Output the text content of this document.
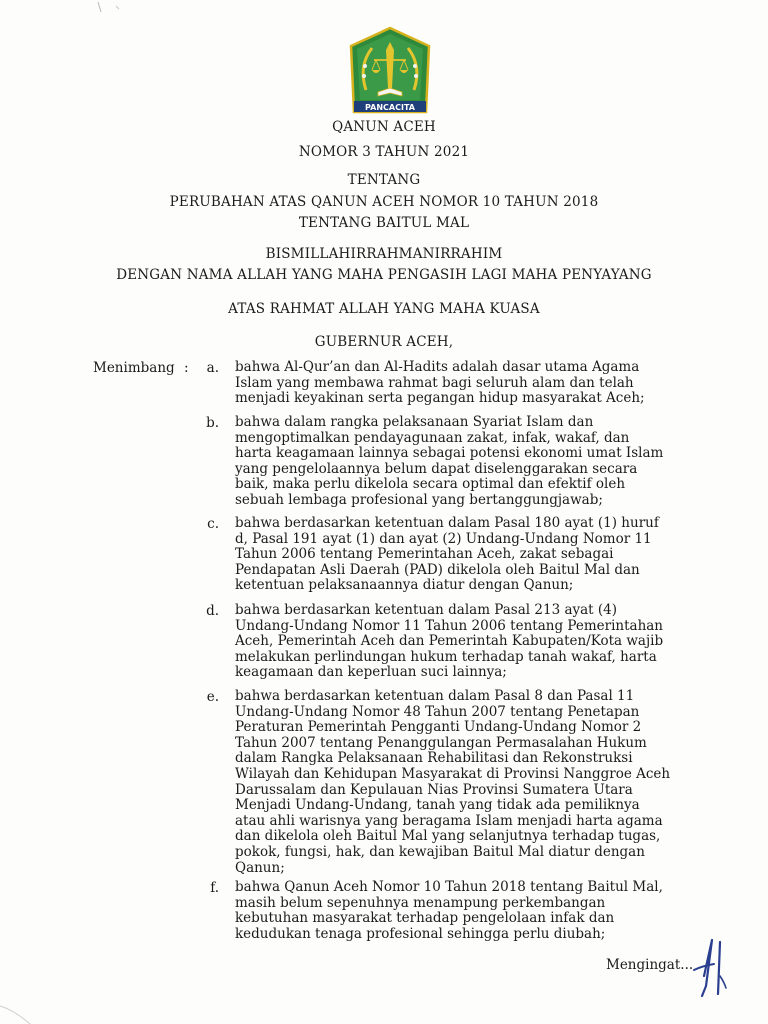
PANCACITA
QANUN ACEH
NOMOR 3 TAHUN 2021
TENTANG
PERUBAHAN ATAS QANUN ACEH NOMOR 10 TAHUN 2018
TENTANG BAITUL MAL
BISMILLAHIRRAHMANIRRAHIM
DENGAN NAMA ALLAH YANG MAHA PENGASIH LAGI MAHA PENYAYANG
ATAS RAHMAT ALLAH YANG MAHA KUASA
GUBERNUR ACEH,
Menimbang :	a. bahwa Al-Qur’an dan Al-Hadits adalah dasar utama Agama
Islam yang membawa rahmat bagi seluruh alam dan telah
menjadi keyakinan serta pegangan hidup masyarakat Aceh;
b. bahwa dalam rangka pelaksanaan Syariat Islam dan
mengoptimalkan pendayagunaan zakat, infak, wakaf, dan
harta keagamaan lainnya sebagai potensi ekonomi umat Islam
yang pengelolaannya belum dapat diselenggarakan secara
baik, maka perlu dikelola secara optimal dan efektif oleh
sebuah lembaga profesional yang bertanggungjawab;
c. bahwa berdasarkan ketentuan dalam Pasal 180 ayat (1) huruf
d, Pasal 191 ayat (1) dan ayat (2) Undang-Undang Nomor 11
Tahun 2006 tentang Pemerintahan Aceh, zakat sebagai
Pendapatan Asli Daerah (PAD) dikelola oleh Baitul Mal dan
ketentuan pelaksanaannya diatur dengan Qanun;
d. bahwa berdasarkan ketentuan dalam Pasal 213 ayat (4)
Undang-Undang Nomor 11 Tahun 2006 tentang Pemerintahan
Aceh, Pemerintah Aceh dan Pemerintah Kabupaten/Kota wajib
melakukan perlindungan hukum terhadap tanah wakaf, harta
keagamaan dan keperluan suci lainnya;
e. bahwa berdasarkan ketentuan dalam Pasal 8 dan Pasal 11
Undang-Undang Nomor 48 Tahun 2007 tentang Penetapan
Peraturan Pemerintah Pengganti Undang-Undang Nomor 2
Tahun 2007 tentang Penanggulangan Permasalahan Hukum
dalam Rangka Pelaksanaan Rehabilitasi dan Rekonstruksi
Wilayah dan Kehidupan Masyarakat di Provinsi Nanggroe Aceh
Darussalam dan Kepulauan Nias Provinsi Sumatera Utara
Menjadi Undang-Undang, tanah yang tidak ada pemiliknya
atau ahli warisnya yang beragama Islam menjadi harta agama
dan dikelola oleh Baitul Mal yang selanjutnya terhadap tugas,
pokok, fungsi, hak, dan kewajiban Baitul Mal diatur dengan
Qanun;
f. bahwa Qanun Aceh Nomor 10 Tahun 2018 tentang Baitul Mal,
masih belum sepenuhnya menampung perkembangan
kebutuhan masyarakat terhadap pengelolaan infak dan
kedudukan tenaga profesional sehingga perlu diubah;
Mengingat...
